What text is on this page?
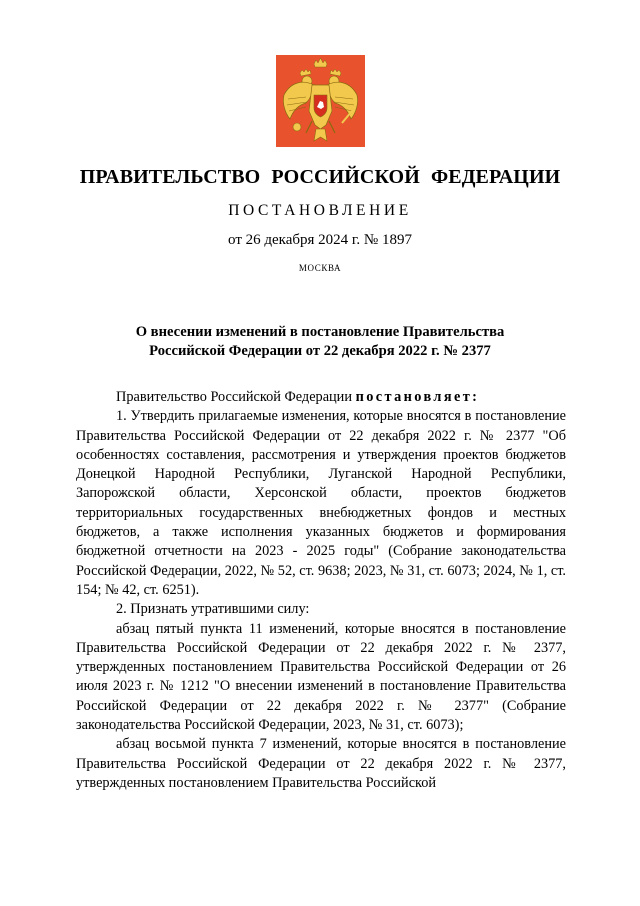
ПРАВИТЕЛЬСТВО РОССИЙСКОЙ ФЕДЕРАЦИИ
ПОСТАНОВЛЕНИЕ
от 26 декабря 2024 г. № 1897
МОСКВА
О внесении изменений в постановление Правительства
Российской Федерации от 22 декабря 2022 г. № 2377

Правительство Российской Федерации постановляет:

1. Утвердить прилагаемые изменения, которые вносятся в постановление Правительства Российской Федерации от 22 декабря 2022 г. № 2377 "Об особенностях составления, рассмотрения и утверждения проектов бюджетов Донецкой Народной Республики, Луганской Народной Республики, Запорожской области, Херсонской области, проектов бюджетов территориальных государственных внебюджетных фондов и местных бюджетов, а также исполнения указанных бюджетов и формирования бюджетной отчетности на 2023 - 2025 годы" (Собрание законодательства Российской Федерации, 2022, № 52, ст. 9638; 2023, № 31, ст. 6073; 2024, № 1, ст. 154; № 42, ст. 6251).

2. Признать утратившими силу:

абзац пятый пункта 11 изменений, которые вносятся в постановление Правительства Российской Федерации от 22 декабря 2022 г. № 2377, утвержденных постановлением Правительства Российской Федерации от 26 июля 2023 г. № 1212 "О внесении изменений в постановление Правительства Российской Федерации от 22 декабря 2022 г. № 2377" (Собрание законодательства Российской Федерации, 2023, № 31, ст. 6073);

абзац восьмой пункта 7 изменений, которые вносятся в постановление Правительства Российской Федерации от 22 декабря 2022 г. № 2377, утвержденных постановлением Правительства Российской
